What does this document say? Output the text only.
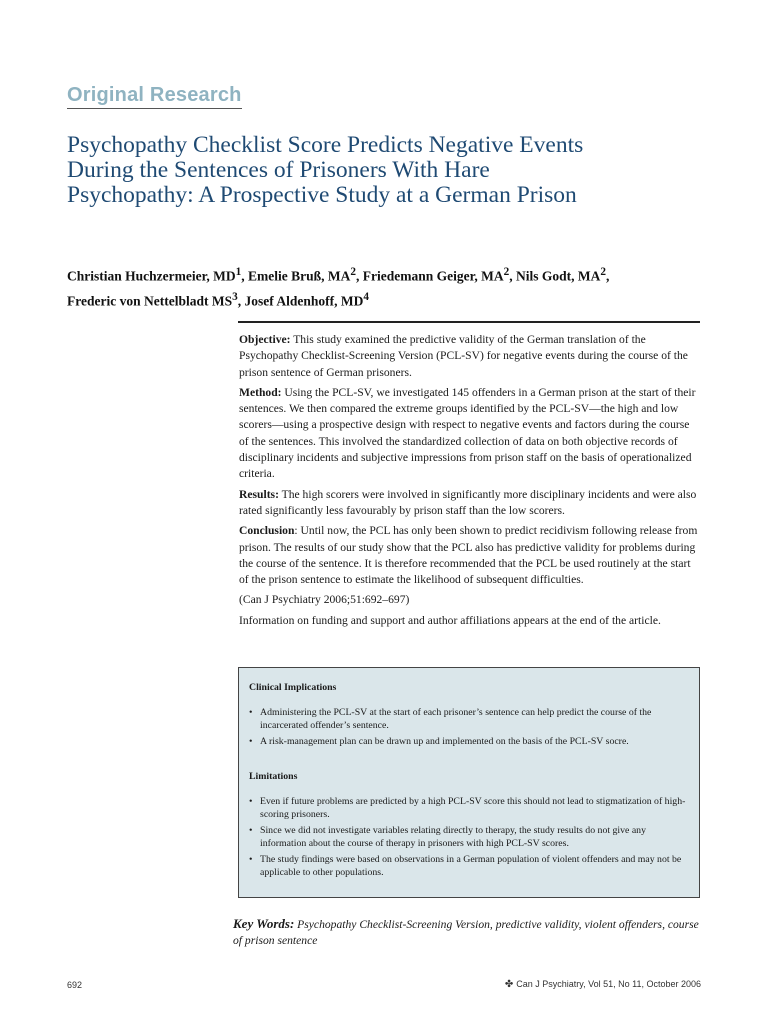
Original Research
Psychopathy Checklist Score Predicts Negative Events
During the Sentences of Prisoners With Hare
Psychopathy: A Prospective Study at a German Prison
Christian Huchzermeier, $MD^1$, Emelie Bruß, $MA^2$, Friedemann Geiger, $MA^2$, Nils Godt, $MA^2$,
Frederic von Nettelbladt $MS^3$, Josef Aldenhoff, $MD^4$

Objective: This study examined the predictive validity of the German translation of the Psychopathy Checklist-Screening Version (PCL-SV) for negative events during the course of the prison sentence of German prisoners.

Method: Using the PCL-SV, we investigated 145 offenders in a German prison at the start of their sentences. We then compared the extreme groups identified by the PCL-SV—the high and low scorers—using a prospective design with respect to negative events and factors during the course of the sentences. This involved the standardized collection of data on both objective records of disciplinary incidents and subjective impressions from prison staff on the basis of operationalized criteria.

Results: The high scorers were involved in significantly more disciplinary incidents and were also rated significantly less favourably by prison staff than the low scorers.

Conclusion: Until now, the PCL has only been shown to predict recidivism following release from prison. The results of our study show that the PCL also has predictive validity for problems during the course of the sentence. It is therefore recommended that the PCL be used routinely at the start of the prison sentence to estimate the likelihood of subsequent difficulties.

(Can J Psychiatry 2006;51:692–697)

Information on funding and support and author affiliations appears at the end of the article.

Clinical Implications
• Administering the PCL-SV at the start of each prisoner’s sentence can help predict the course of the incarcerated offender’s sentence.
• A risk-management plan can be drawn up and implemented on the basis of the PCL-SV socre.
Limitations
• Even if future problems are predicted by a high PCL-SV score this should not lead to stigmatization of high-scoring prisoners.
• Since we did not investigate variables relating directly to therapy, the study results do not give any information about the course of therapy in prisoners with high PCL-SV scores.
• The study findings were based on observations in a German population of violent offenders and may not be applicable to other populations.
Key Words: Psychopathy Checklist-Screening Version, predictive validity, violent offenders, course of prison sentence
692	✤ Can J Psychiatry, Vol 51, No 11, October 2006
